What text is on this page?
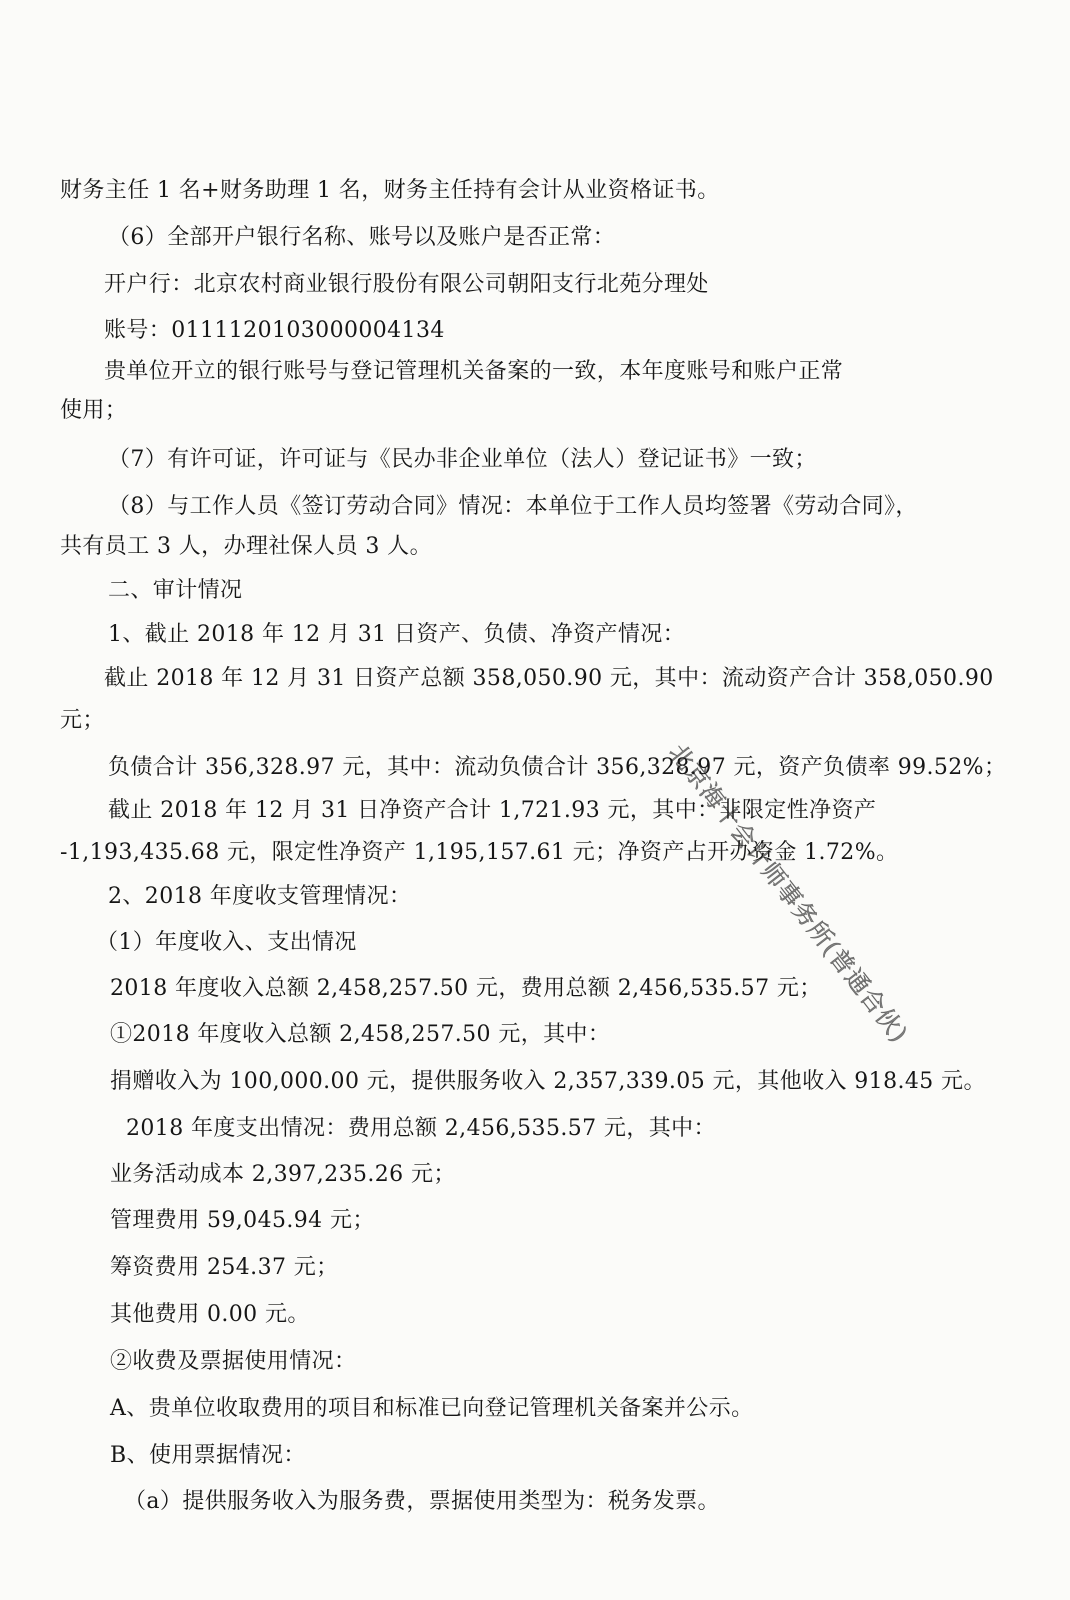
财务主任 1 名+财务助理 1 名，财务主任持有会计从业资格证书。
（6）全部开户银行名称、账号以及账户是否正常：
开户行：北京农村商业银行股份有限公司朝阳支行北苑分理处
账号：0111120103000004134
贵单位开立的银行账号与登记管理机关备案的一致，本年度账号和账户正常
使用；
（7）有许可证，许可证与《民办非企业单位（法人）登记证书》一致；
（8）与工作人员《签订劳动合同》情况：本单位于工作人员均签署《劳动合同》，
共有员工 3 人，办理社保人员 3 人。
二、审计情况
1、截止 2018 年 12 月 31 日资产、负债、净资产情况：
截止 2018 年 12 月 31 日资产总额 358,050.90 元，其中：流动资产合计 358,050.90
元；
负债合计 356,328.97 元，其中：流动负债合计 356,328.97 元，资产负债率 99.52%；
截止 2018 年 12 月 31 日净资产合计 1,721.93 元，其中：非限定性净资产
-1,193,435.68 元，限定性净资产 1,195,157.61 元；净资产占开办资金 1.72%。
2、2018 年度收支管理情况：
（1）年度收入、支出情况
2018 年度收入总额 2,458,257.50 元，费用总额 2,456,535.57 元；
①2018 年度收入总额 2,458,257.50 元，其中：
捐赠收入为 100,000.00 元，提供服务收入 2,357,339.05 元，其他收入 918.45 元。
2018 年度支出情况：费用总额 2,456,535.57 元，其中：
业务活动成本 2,397,235.26 元；
管理费用 59,045.94 元；
筹资费用 254.37 元；
其他费用 0.00 元。
②收费及票据使用情况：
A、贵单位收取费用的项目和标准已向登记管理机关备案并公示。
B、使用票据情况：
（a）提供服务收入为服务费，票据使用类型为：税务发票。
北京海十会计师事务所(普通合伙)
